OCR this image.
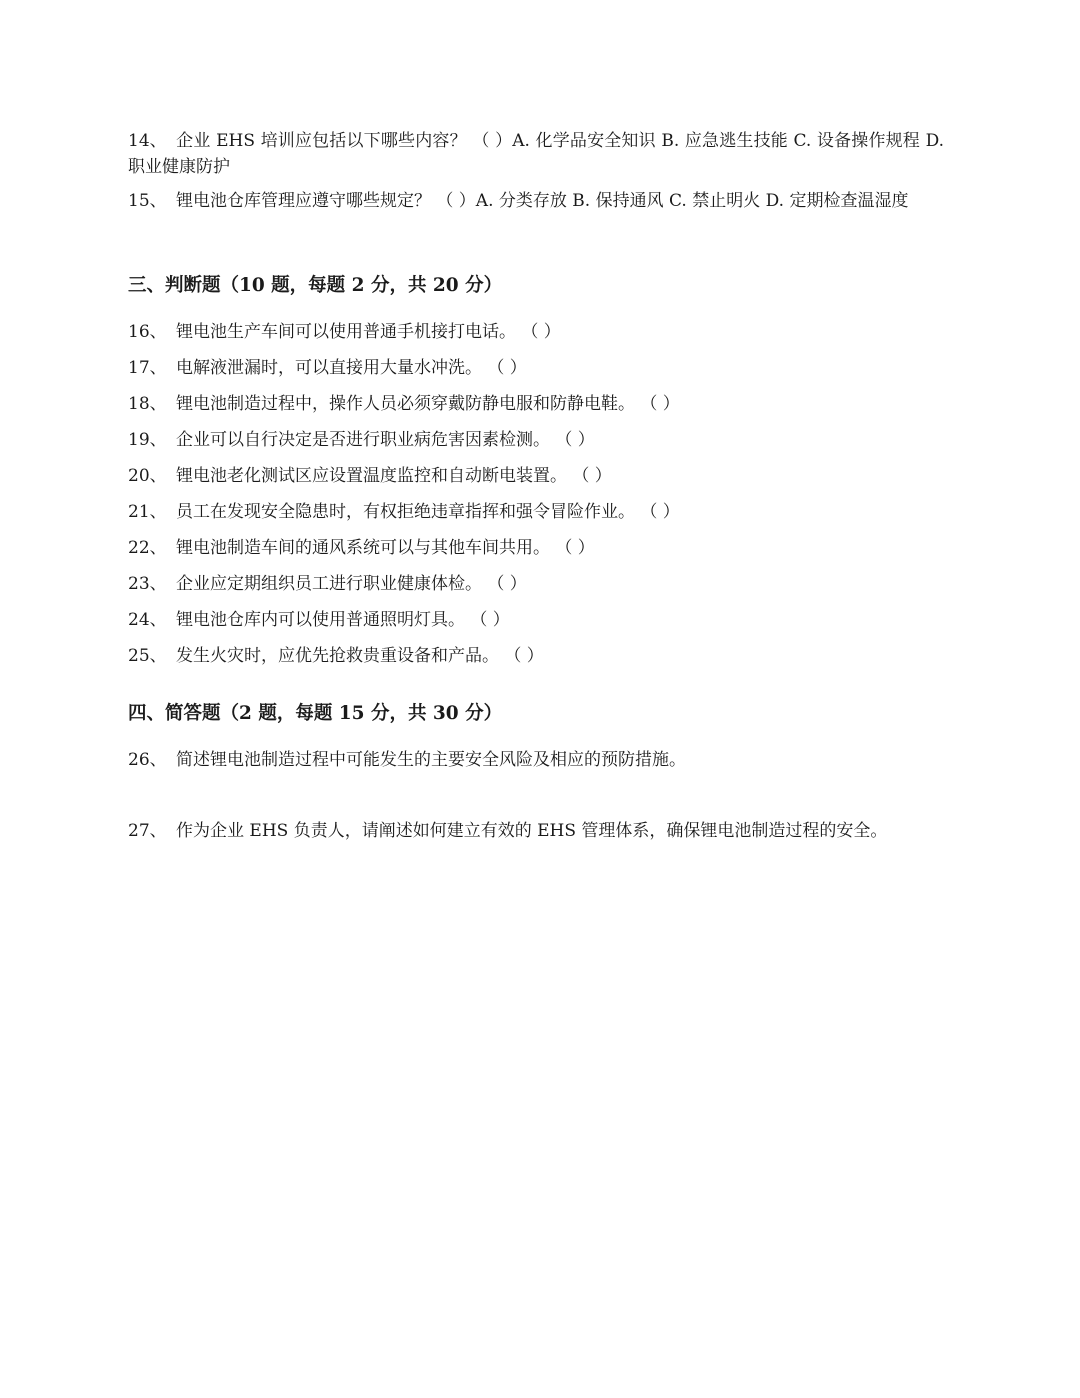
14、 企业 EHS 培训应包括以下哪些内容？ （ ）A. 化学品安全知识 B. 应急逃生技能 C. 设备操作规程 D. 职业健康防护
15、 锂电池仓库管理应遵守哪些规定？ （ ）A. 分类存放 B. 保持通风 C. 禁止明火 D. 定期检查温湿度
三、判断题（10 题，每题 2 分，共 20 分）
16、 锂电池生产车间可以使用普通手机接打电话。 （ ）
17、 电解液泄漏时，可以直接用大量水冲洗。 （ ）
18、 锂电池制造过程中，操作人员必须穿戴防静电服和防静电鞋。 （ ）
19、 企业可以自行决定是否进行职业病危害因素检测。 （ ）
20、 锂电池老化测试区应设置温度监控和自动断电装置。 （ ）
21、 员工在发现安全隐患时，有权拒绝违章指挥和强令冒险作业。 （ ）
22、 锂电池制造车间的通风系统可以与其他车间共用。 （ ）
23、 企业应定期组织员工进行职业健康体检。 （ ）
24、 锂电池仓库内可以使用普通照明灯具。 （ ）
25、 发生火灾时，应优先抢救贵重设备和产品。 （ ）
四、简答题（2 题，每题 15 分，共 30 分）
26、 简述锂电池制造过程中可能发生的主要安全风险及相应的预防措施。
27、 作为企业 EHS 负责人，请阐述如何建立有效的 EHS 管理体系，确保锂电池制造过程的安全。
